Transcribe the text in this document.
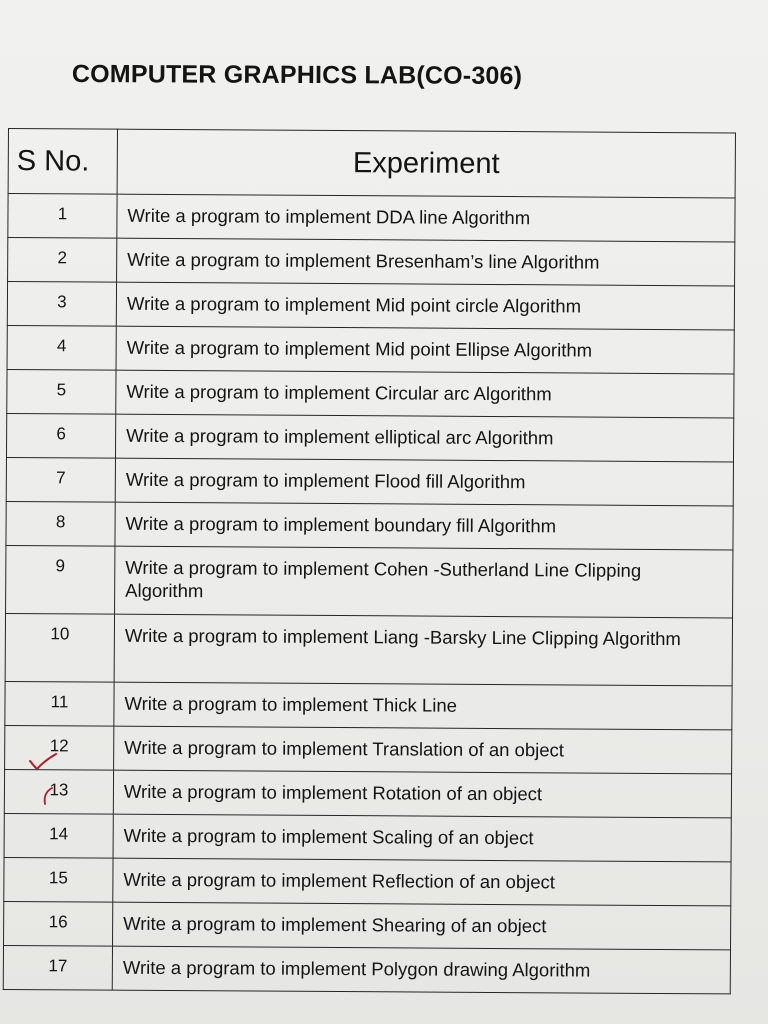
COMPUTER GRAPHICS LAB(CO-306)
S No.	Experiment
1	Write a program to implement DDA line Algorithm
2	Write a program to implement Bresenham’s line Algorithm
3	Write a program to implement Mid point circle Algorithm
4	Write a program to implement Mid point Ellipse Algorithm
5	Write a program to implement Circular arc Algorithm
6	Write a program to implement elliptical arc Algorithm
7	Write a program to implement Flood fill Algorithm
8	Write a program to implement boundary fill Algorithm
9	Write a program to implement Cohen -Sutherland Line Clipping Algorithm
10	Write a program to implement Liang -Barsky Line Clipping Algorithm
11	Write a program to implement Thick Line
12	Write a program to implement Translation of an object
13	Write a program to implement Rotation of an object
14	Write a program to implement Scaling of an object
15	Write a program to implement Reflection of an object
16	Write a program to implement Shearing of an object
17	Write a program to implement Polygon drawing Algorithm
